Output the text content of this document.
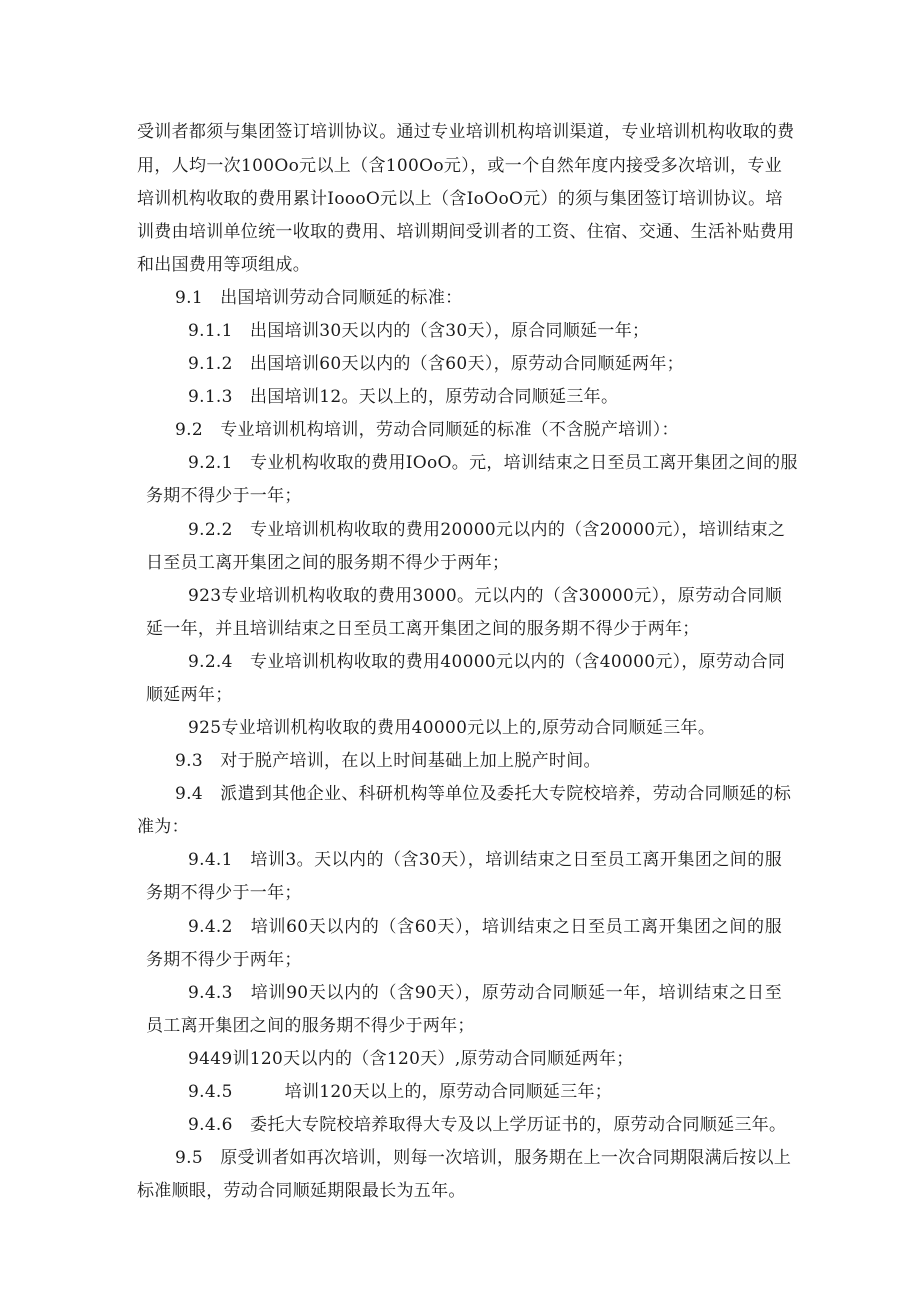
受训者都须与集团签订培训协议。通过专业培训机构培训渠道，专业培训机构收取的费
用，人均一次100Oo元以上（含100Oo元），或一个自然年度内接受多次培训，专业
培训机构收取的费用累计IoooO元以上（含IoOoO元）的须与集团签订培训协议。培
训费由培训单位统一收取的费用、培训期间受训者的工资、住宿、交通、生活补贴费用
和出国费用等项组成。
9.1　出国培训劳动合同顺延的标准：
9.1.1　出国培训30天以内的（含30天），原合同顺延一年；
9.1.2　出国培训60天以内的（含60天），原劳动合同顺延两年；
9.1.3　出国培训12。天以上的，原劳动合同顺延三年。
9.2　专业培训机构培训，劳动合同顺延的标准（不含脱产培训）：
9.2.1　专业机构收取的费用IOoO。元，培训结束之日至员工离开集团之间的服
务期不得少于一年；
9.2.2　专业培训机构收取的费用20000元以内的（含20000元），培训结束之
日至员工离开集团之间的服务期不得少于两年；
923专业培训机构收取的费用3000。元以内的（含30000元），原劳动合同顺
延一年，并且培训结束之日至员工离开集团之间的服务期不得少于两年；
9.2.4　专业培训机构收取的费用40000元以内的（含40000元），原劳动合同
顺延两年；
925专业培训机构收取的费用40000元以上的,原劳动合同顺延三年。
9.3　对于脱产培训，在以上时间基础上加上脱产时间。
9.4　派遣到其他企业、科研机构等单位及委托大专院校培养，劳动合同顺延的标
准为：
9.4.1　培训3。天以内的（含30天），培训结束之日至员工离开集团之间的服
务期不得少于一年；
9.4.2　培训60天以内的（含60天），培训结束之日至员工离开集团之间的服
务期不得少于两年；
9.4.3　培训90天以内的（含90天），原劳动合同顺延一年，培训结束之日至
员工离开集团之间的服务期不得少于两年；
9449训120天以内的（含120天）,原劳动合同顺延两年；
9.4.5　　　培训120天以上的，原劳动合同顺延三年；
9.4.6　委托大专院校培养取得大专及以上学历证书的，原劳动合同顺延三年。
9.5　原受训者如再次培训，则每一次培训，服务期在上一次合同期限满后按以上
标准顺眼，劳动合同顺延期限最长为五年。
